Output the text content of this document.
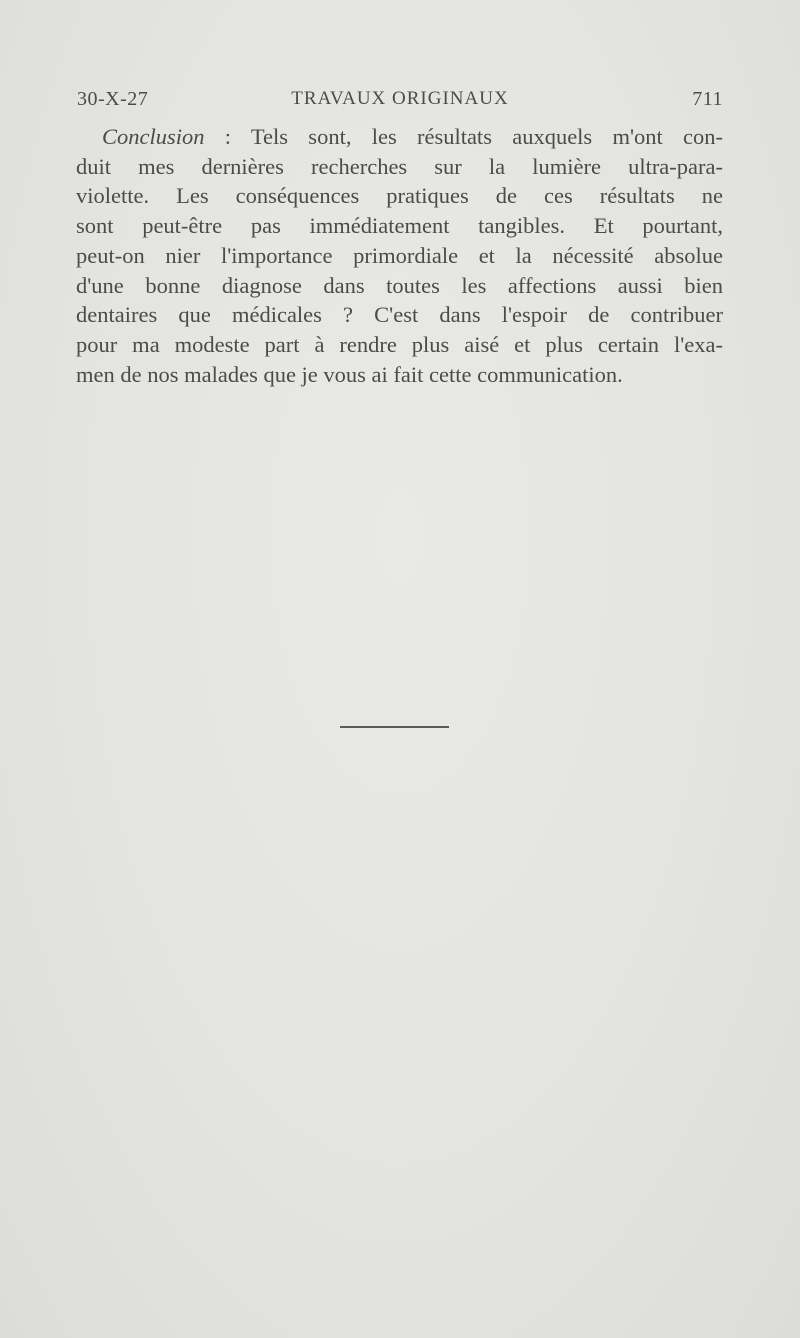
30-X-27	TRAVAUX ORIGINAUX	711
Conclusion : Tels sont, les résultats auxquels m'ont con-
duit mes dernières recherches sur la lumière ultra-para-
violette. Les conséquences pratiques de ces résultats ne
sont peut-être pas immédiatement tangibles. Et pourtant,
peut-on nier l'importance primordiale et la nécessité absolue
d'une bonne diagnose dans toutes les affections aussi bien
dentaires que médicales ? C'est dans l'espoir de contribuer
pour ma modeste part à rendre plus aisé et plus certain l'exa-
men de nos malades que je vous ai fait cette communication.
